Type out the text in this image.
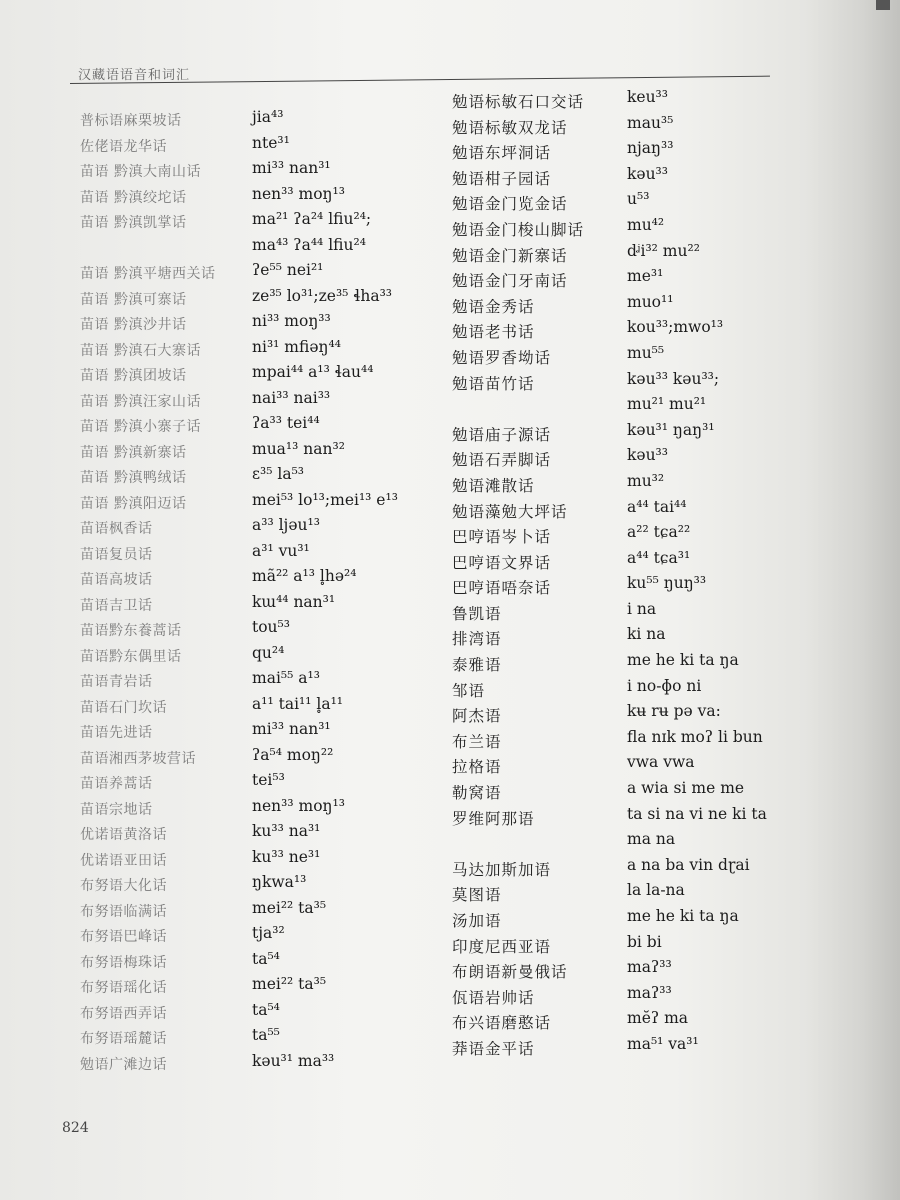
汉藏语语音和词汇
普标语麻栗坡话	jia⁴³
佐佬语龙华话	nte³¹
苗语 黔滇大南山话	mi³³ nan³¹
苗语 黔滇绞坨话	nen³³ moŋ¹³
苗语 黔滇凯掌话	ma²¹ ʔa²⁴ lfiu²⁴;
ma⁴³ ʔa⁴⁴ lfiu²⁴
苗语 黔滇平塘西关话 ʔe⁵⁵ nei²¹
苗语 黔滇可寨话	ze³⁵ lo³¹;ze³⁵ ɬha³³
苗语 黔滇沙井话	ni³³ moŋ³³
苗语 黔滇石大寨话	ni³¹ mfiəŋ⁴⁴
苗语 黔滇团坡话	mpai⁴⁴ a¹³ ɬau⁴⁴
苗语 黔滇汪家山话	nai³³ nai³³
苗语 黔滇小寨子话	ʔa³³ tei⁴⁴
苗语 黔滇新寨话	mua¹³ nan³²
苗语 黔滇鸭绒话	ɛ³⁵ la⁵³
苗语 黔滇阳迈话	mei⁵³ lo¹³;mei¹³ e¹³
苗语枫香话	a³³ ljəu¹³
苗语复员话	a³¹ vu³¹
苗语高坡话	mã²² a¹³ l̥hə²⁴
苗语吉卫话	kɯ⁴⁴ nan³¹
苗语黔东養蒿话	tou⁵³
苗语黔东偶里话	qu²⁴
苗语青岩话	mai⁵⁵ a¹³
苗语石门坎话	a¹¹ tai¹¹ l̥a¹¹
苗语先进话	mi³³ nan³¹
苗语湘西茅坡营话	ʔa⁵⁴ moŋ²²
苗语养蒿话	tei⁵³
苗语宗地话	nen³³ moŋ¹³
优诺语黄洛话	ku³³ na³¹
优诺语亚田话	ku³³ ne³¹
布努语大化话	ŋkwa¹³
布努语临满话	mei²² ta³⁵
布努语巴峰话	tja³²
布努语梅珠话	ta⁵⁴
布努语瑶化话	mei²² ta³⁵
布努语西弄话	ta⁵⁴
布努语瑶麓话	ta⁵⁵
勉语广滩边话	kəu³¹ ma³³
勉语标敏石口交话	keu³³
勉语标敏双龙话	mau³⁵
勉语东坪洞话	njaŋ³³
勉语柑子园话	kəu³³
勉语金门览金话	u⁵³
勉语金门梭山脚话	mu⁴²
勉语金门新寨话	dᶨi³² mu²²
勉语金门牙南话	me³¹
勉语金秀话	muo¹¹
勉语老书话	kou³³;mwo¹³
勉语罗香坳话	mu⁵⁵
勉语苗竹话	kəu³³ kəu³³;
mu²¹ mu²¹
勉语庙子源话	kəu³¹ ŋaŋ³¹
勉语石弄脚话	kəu³³
勉语滩散话	mu³²
勉语藻勉大坪话	a⁴⁴ tai⁴⁴
巴哼语岑卜话	a²² tɕa²²
巴哼语文界话	a⁴⁴ tɕa³¹
巴哼语唔奈话	ku⁵⁵ ŋuŋ³³
鲁凯语	i na
排湾语	ki na
泰雅语	me he ki ta ŋa
邹语	i no-ɸo ni
阿杰语	kʉ rʉ pə va:
布兰语	fla nɪk moʔ li bun
拉格语	vwa vwa
勒窝语	a wia si me me
罗维阿那语	ta si na vi ne ki ta
ma na
马达加斯加语	a na ba vin dɽai
莫图语	la la-na
汤加语	me he ki ta ŋa
印度尼西亚语	bi bi
布朗语新曼俄话	maʔ³³
佤语岩帅话	maʔ³³
布兴语磨憨话	mĕʔ ma
莽语金平话	ma⁵¹ va³¹
824
